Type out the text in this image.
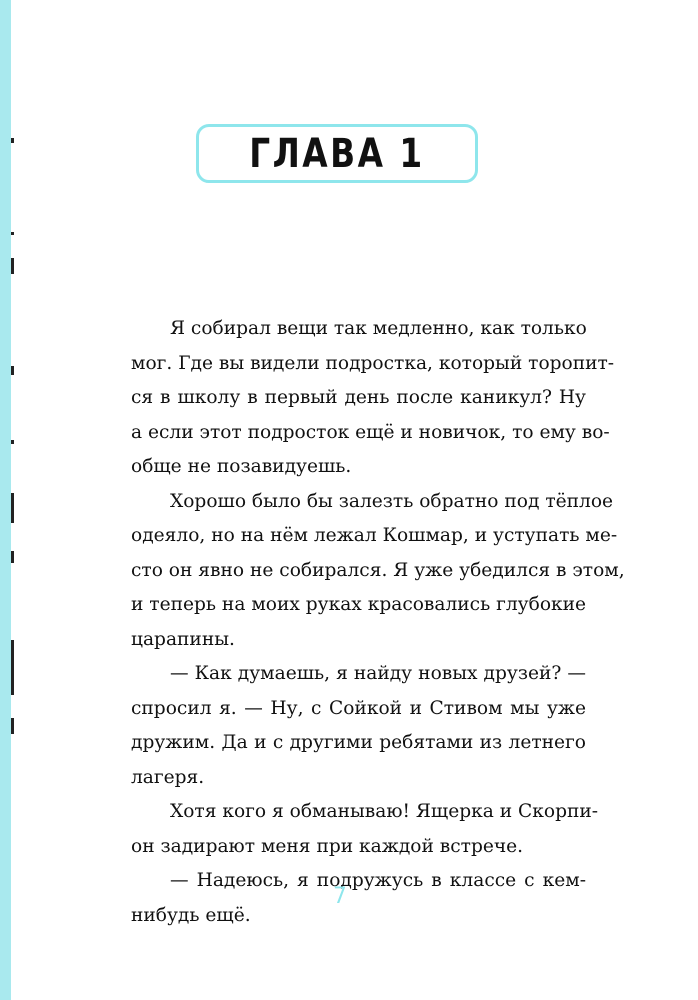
ГЛАВА 1

Я собирал вещи так медленно, как только
мог. Где вы видели подростка, который торопит-
ся в школу в первый день после каникул? Ну
а если этот подросток ещё и новичок, то ему во-
обще не позавидуешь.

Хорошо было бы залезть обратно под тёплое
одеяло, но на нём лежал Кошмар, и уступать ме-
сто он явно не собирался. Я уже убедился в этом,
и теперь на моих руках красовались глубокие
царапины.

— Как думаешь, я найду новых друзей? —
спросил я. — Ну, с Сойкой и Стивом мы уже
дружим. Да и с другими ребятами из летнего
лагеря.

Хотя кого я обманываю! Ящерка и Скорпи-
он задирают меня при каждой встрече.

— Надеюсь, я подружусь в классе с кем-
нибудь ещё.

7
